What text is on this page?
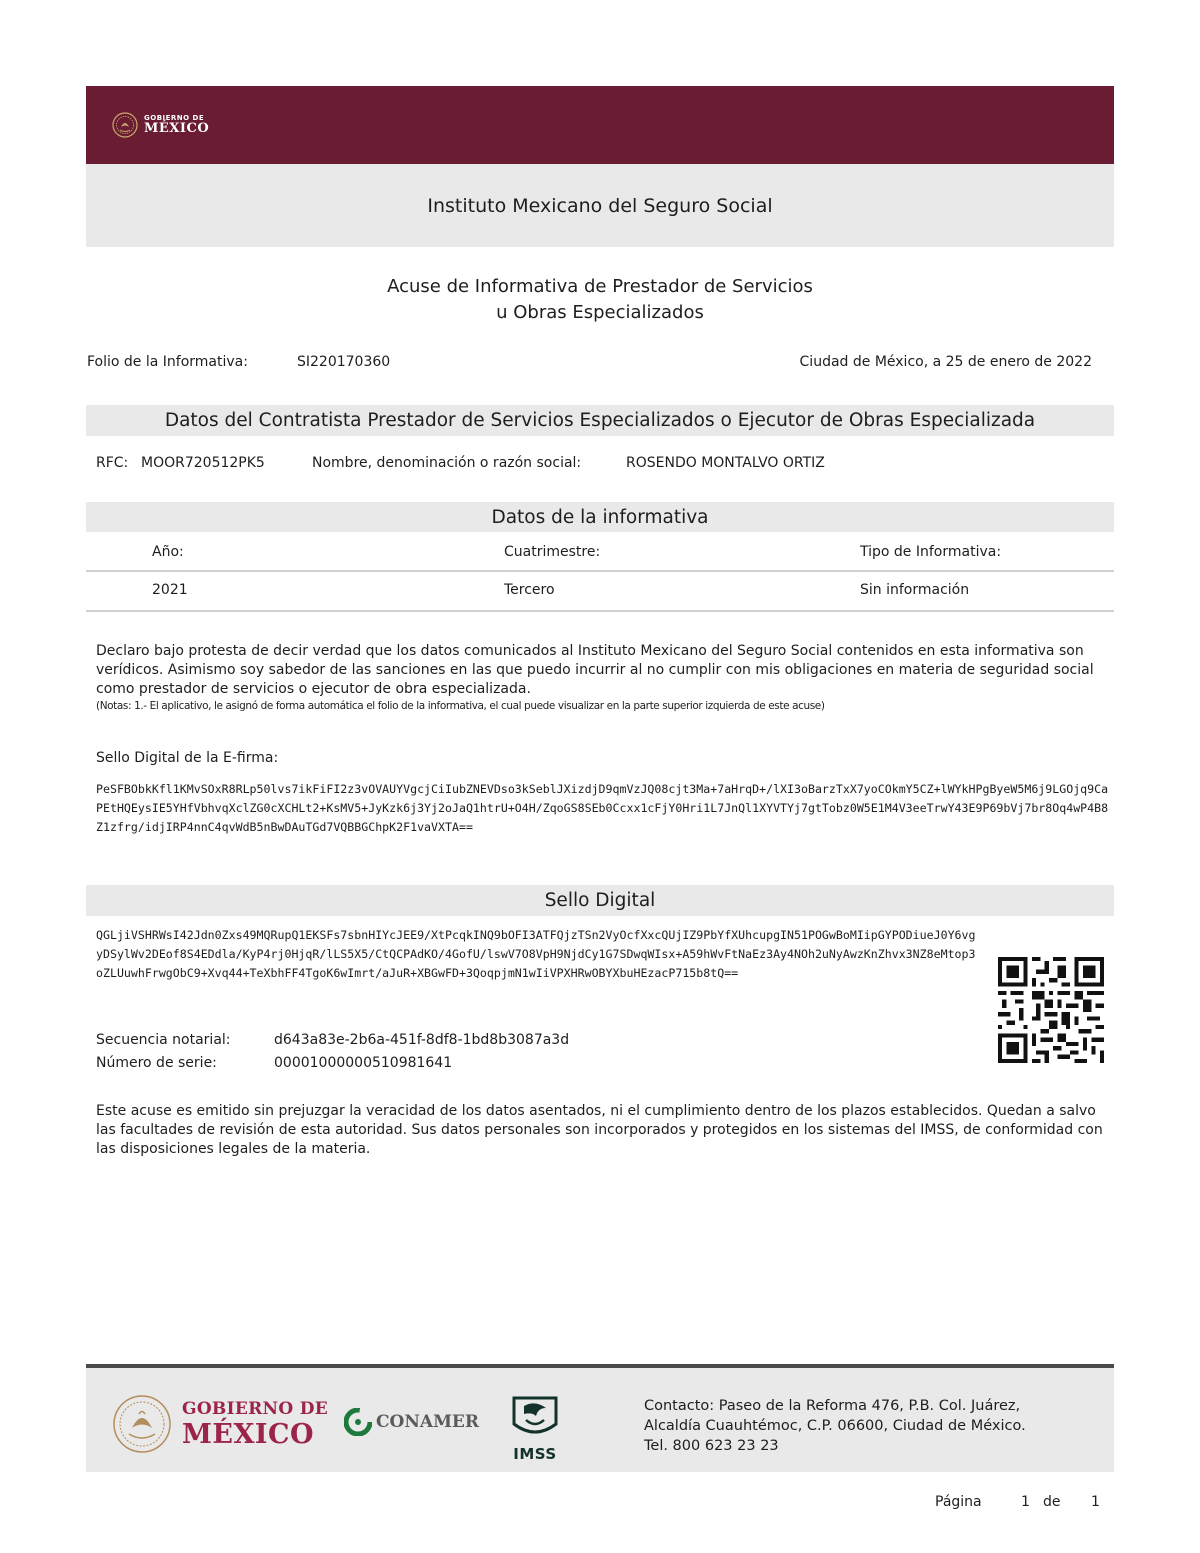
GOBIERNO DE
MÉXICO
Instituto Mexicano del Seguro Social
Acuse de Informativa de Prestador de Servicios
u Obras Especializados
Folio de la Informativa:	SI220170360	Ciudad de México, a 25 de enero de 2022
Datos del Contratista Prestador de Servicios Especializados o Ejecutor de Obras Especializada
RFC: MOOR720512PK5	Nombre, denominación o razón social:	ROSENDO MONTALVO ORTIZ
Datos de la informativa
Año:	Cuatrimestre:	Tipo de Informativa:
2021	Tercero	Sin información
Declaro bajo protesta de decir verdad que los datos comunicados al Instituto Mexicano del Seguro Social contenidos en esta informativa son verídicos. Asimismo soy sabedor de las sanciones en las que puedo incurrir al no cumplir con mis obligaciones en materia de seguridad social como prestador de servicios o ejecutor de obra especializada.
(Notas: 1.- El aplicativo, le asignó de forma automática el folio de la informativa, el cual puede visualizar en la parte superior izquierda de este acuse)
Sello Digital de la E-firma:
PeSFBObkKfl1KMvSOxR8RLp50lvs7ikFiFI2z3vOVAUYVgcjCiIubZNEVDso3kSeblJXizdjD9qmVzJQ08cjt3Ma+7aHrqD+/lXI3oBarzTxX7yoCOkmY5CZ+lWYkHPgByeW5M6j9LGOjq9CaPEtHQEysIE5YHfVbhvqXclZG0cXCHLt2+KsMV5+JyKzk6j3Yj2oJaQ1htrU+O4H/ZqoGS8SEb0Ccxx1cFjY0Hri1L7JnQl1XYVTYj7gtTobz0W5E1M4V3eeTrwY43E9P69bVj7br8Oq4wP4B8Z1zfrg/idjIRP4nnC4qvWdB5nBwDAuTGd7VQBBGChpK2F1vaVXTA==
Sello Digital
QGLjiVSHRWsI42Jdn0Zxs49MQRupQ1EKSFs7sbnHIYcJEE9/XtPcqkINQ9bOFI3ATFQjzTSn2VyOcfXxcQUjIZ9PbYfXUhcupgIN51POGwBoMIipGYPODiueJ0Y6vgyDSylWv2DEof8S4EDdla/KyP4rj0HjqR/lLS5X5/CtQCPAdKO/4GofU/lswV7O8VpH9NjdCy1G7SDwqWIsx+A59hWvFtNaEz3Ay4NOh2uNyAwzKnZhvx3NZ8eMtop3oZLUuwhFrwgObC9+Xvq44+TeXbhFF4TgoK6wImrt/aJuR+XBGwFD+3QoqpjmN1wIiVPXHRwOBYXbuHEzacP715b8tQ==
Secuencia notarial:	d643a83e-2b6a-451f-8df8-1bd8b3087a3d
Número de serie:	00001000000510981641
Este acuse es emitido sin prejuzgar la veracidad de los datos asentados, ni el cumplimiento dentro de los plazos establecidos. Quedan a salvo las facultades de revisión de esta autoridad. Sus datos personales son incorporados y protegidos en los sistemas del IMSS, de conformidad con las disposiciones legales de la materia.
GOBIERNO DE
MÉXICO	CONAMER
IMSS
Contacto: Paseo de la Reforma 476, P.B. Col. Juárez,
Alcaldía Cuauhtémoc, C.P. 06600, Ciudad de México.
Tel. 800 623 23 23
Página	1 de	1
